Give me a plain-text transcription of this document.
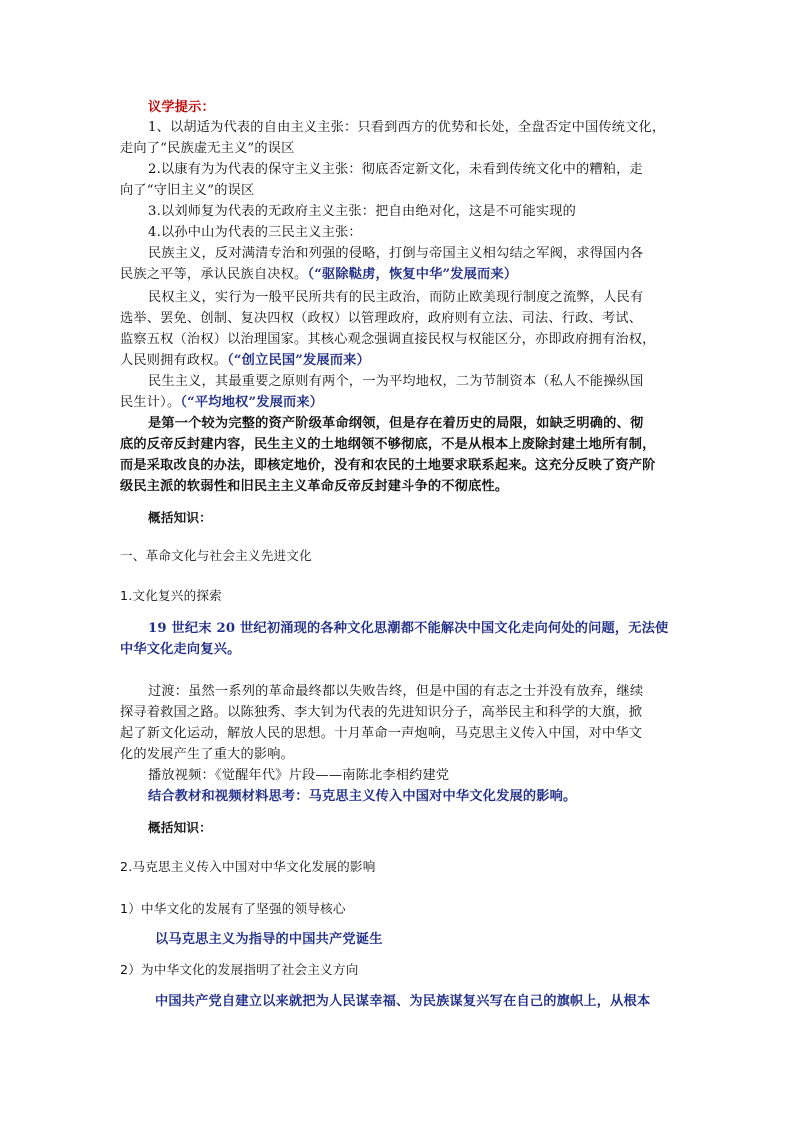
议学提示：
1、以胡适为代表的自由主义主张：只看到西方的优势和长处，全盘否定中国传统文化，
走向了“民族虚无主义”的误区
2.以康有为为代表的保守主义主张：彻底否定新文化，未看到传统文化中的糟粕，走
向了“守旧主义”的误区
3.以刘师复为代表的无政府主义主张：把自由绝对化，这是不可能实现的
4.以孙中山为代表的三民主义主张：
民族主义，反对满清专治和列强的侵略，打倒与帝国主义相勾结之军阀，求得国内各
民族之平等，承认民族自决权。（“驱除鞑虏，恢复中华”发展而来）
民权主义，实行为一般平民所共有的民主政治，而防止欧美现行制度之流弊，人民有
选举、罢免、创制、复决四权（政权）以管理政府，政府则有立法、司法、行政、考试、
监察五权（治权）以治理国家。其核心观念强调直接民权与权能区分，亦即政府拥有治权，
人民则拥有政权。（“创立民国”发展而来）
民生主义，其最重要之原则有两个，一为平均地权，二为节制资本（私人不能操纵国
民生计）。（“平均地权”发展而来）
是第一个较为完整的资产阶级革命纲领，但是存在着历史的局限，如缺乏明确的、彻
底的反帝反封建内容，民生主义的土地纲领不够彻底，不是从根本上废除封建土地所有制，
而是采取改良的办法，即核定地价，没有和农民的土地要求联系起来。这充分反映了资产阶
级民主派的软弱性和旧民主主义革命反帝反封建斗争的不彻底性。
概括知识：
一、革命文化与社会主义先进文化
1.文化复兴的探索
19 世纪末 20 世纪初涌现的各种文化思潮都不能解决中国文化走向何处的问题，无法使
中华文化走向复兴。
过渡：虽然一系列的革命最终都以失败告终，但是中国的有志之士并没有放弃，继续
探寻着救国之路。以陈独秀、李大钊为代表的先进知识分子，高举民主和科学的大旗，掀
起了新文化运动，解放人民的思想。十月革命一声炮响，马克思主义传入中国，对中华文
化的发展产生了重大的影响。
播放视频：《觉醒年代》片段——南陈北李相约建党
结合教材和视频材料思考：马克思主义传入中国对中华文化发展的影响。
概括知识：
2.马克思主义传入中国对中华文化发展的影响
1）中华文化的发展有了坚强的领导核心
以马克思主义为指导的中国共产党诞生
2）为中华文化的发展指明了社会主义方向
中国共产党自建立以来就把为人民谋幸福、为民族谋复兴写在自己的旗帜上，从根本
